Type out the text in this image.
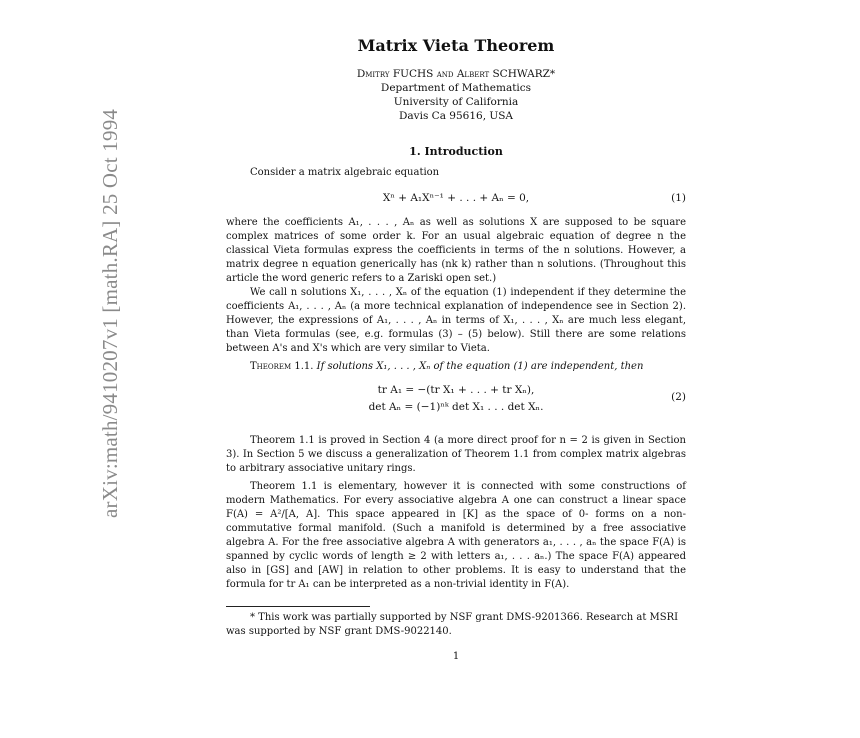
arXiv:math/9410207v1 [math.RA] 25 Oct 1994
Matrix Vieta Theorem
Dmitry FUCHS and Albert SCHWARZ*
Department of Mathematics
University of California
Davis Ca 95616, USA
1. Introduction
Consider a matrix algebraic equation
Xⁿ + A₁Xⁿ⁻¹ + . . . + Aₙ = 0,	(1)
where the coefficients A₁, . . . , Aₙ as well as solutions X are supposed to be square complex matrices of some order k. For an usual algebraic equation of degree n the classical Vieta formulas express the coefficients in terms of the n solutions. However, a matrix degree n equation generically has (nk k) rather than n solutions. (Throughout this article the word generic refers to a Zariski open set.)
We call n solutions X₁, . . . , Xₙ of the equation (1) independent if they determine the coefficients A₁, . . . , Aₙ (a more technical explanation of independence see in Section 2). However, the expressions of A₁, . . . , Aₙ in terms of X₁, . . . , Xₙ are much less elegant, than Vieta formulas (see, e.g. formulas (3) – (5) below). Still there are some relations between A's and X's which are very similar to Vieta.
Theorem 1.1. If solutions X₁, . . . , Xₙ of the equation (1) are independent, then
tr A₁ = −(tr X₁ + . . . + tr Xₙ),
det Aₙ = (−1)ⁿᵏ det X₁ . . . det Xₙ.
(2)
Theorem 1.1 is proved in Section 4 (a more direct proof for n = 2 is given in Section 3). In Section 5 we discuss a generalization of Theorem 1.1 from complex matrix algebras to arbitrary associative unitary rings.
Theorem 1.1 is elementary, however it is connected with some constructions of modern Mathematics. For every associative algebra A one can construct a linear space F(A) = A²/[A, A]. This space appeared in [K] as the space of 0- forms on a non-commutative formal manifold. (Such a manifold is determined by a free associative algebra A. For the free associative algebra A with generators a₁, . . . , aₙ the space F(A) is spanned by cyclic words of length ≥ 2 with letters a₁, . . . aₙ.) The space F(A) appeared also in [GS] and [AW] in relation to other problems. It is easy to understand that the formula for tr A₁ can be interpreted as a non-trivial identity in F(A).
* This work was partially supported by NSF grant DMS-9201366. Research at MSRI was supported by NSF grant DMS-9022140.
1
